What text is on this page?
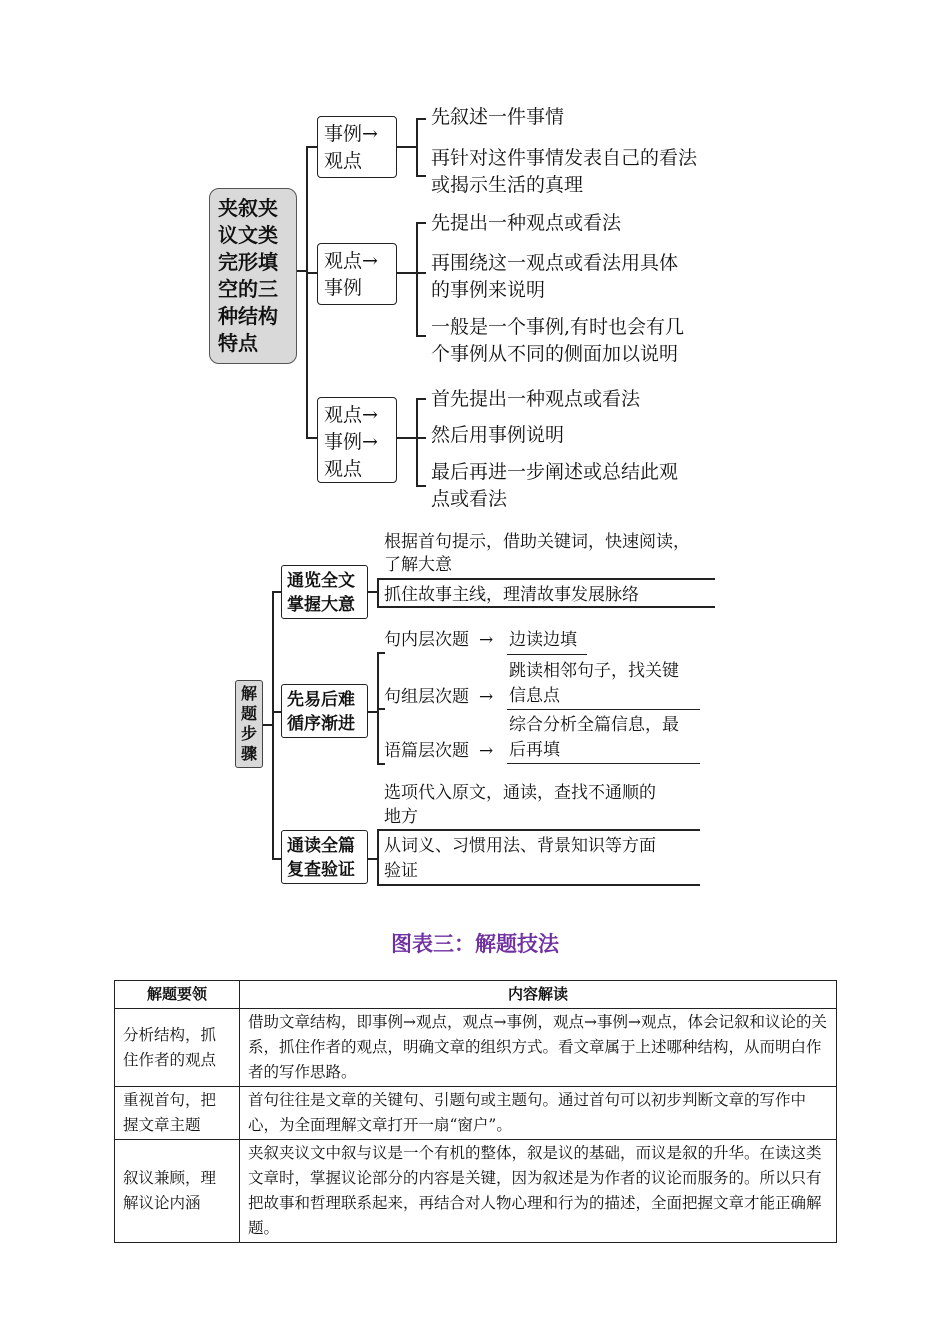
夹叙夹
议文类
完形填
空的三
种结构
特点
事例→
观点
先叙述一件事情
再针对这件事情发表自己的看法
或揭示生活的真理
观点→
事例
先提出一种观点或看法
再围绕这一观点或看法用具体
的事例来说明
一般是一个事例,有时也会有几
个事例从不同的侧面加以说明
观点→
事例→
观点
首先提出一种观点或看法
然后用事例说明
最后再进一步阐述或总结此观
点或看法
解
题
步
骤
通览全文
掌握大意
根据首句提示，借助关键词，快速阅读，
了解大意
抓住故事主线，理清故事发展脉络
先易后难
循序渐进
句内层次题 → 边读边填
句组层次题 →
跳读相邻句子，找关键
信息点
语篇层次题 →
综合分析全篇信息，最
后再填
通读全篇
复查验证
选项代入原文，通读，查找不通顺的
地方
从词义、习惯用法、背景知识等方面
验证
图表三：解题技法
解题要领	内容解读
分析结构，抓住作者的观点	借助文章结构，即事例→观点，观点→事例，观点→事例→观点，体会记叙和议论的关系，抓住作者的观点，明确文章的组织方式。看文章属于上述哪种结构，从而明白作者的写作思路。
重视首句，把握文章主题	首句往往是文章的关键句、引题句或主题句。通过首句可以初步判断文章的写作中心，为全面理解文章打开一扇“窗户”。
叙议兼顾，理解议论内涵	夹叙夹议文中叙与议是一个有机的整体，叙是议的基础，而议是叙的升华。在读这类文章时，掌握议论部分的内容是关键，因为叙述是为作者的议论而服务的。所以只有把故事和哲理联系起来，再结合对人物心理和行为的描述，全面把握文章才能正确解题。
